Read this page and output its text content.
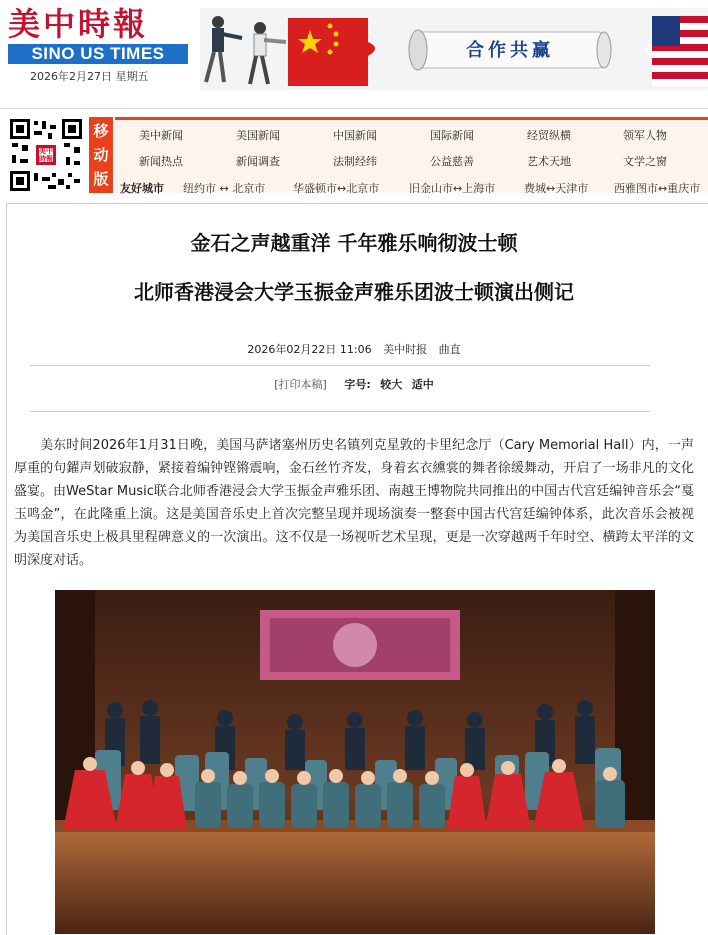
美中時報
SINO US TIMES
2026年2月27日 星期五
合作共赢
美中時報
移
动
版
美中新闻	美国新闻	中国新闻	国际新闻	经贸纵横	领军人物
新闻热点	新闻调查	法制经纬	公益慈善	艺术天地	文学之窗
友好城市 纽约市 ↔ 北京市	华盛顿市↔北京市	旧金山市↔上海市	费城↔天津市 西雅图市↔重庆市
金石之声越重洋 千年雅乐响彻波士顿
北师香港浸会大学玉振金声雅乐团波士顿演出侧记
2026年02月22日 11:06 美中时报 曲直
[打印本稿] 字号: 较大 适中
美东时间2026年1月31日晚，美国马萨诸塞州历史名镇列克星敦的卡里纪念厅（Cary Memorial Hall）内，一声厚重的句鑃声划破寂静，紧接着编钟铿锵震响，金石丝竹齐发，身着玄衣纁裳的舞者徐缓舞动，开启了一场非凡的文化盛宴。由WeStar Music联合北师香港浸会大学玉振金声雅乐团、南越王博物院共同推出的中国古代宫廷编钟音乐会“戛玉鸣金”，在此隆重上演。这是美国音乐史上首次完整呈现并现场演奏一整套中国古代宫廷编钟体系，此次音乐会被视为美国音乐史上极具里程碑意义的一次演出。这不仅是一场视听艺术呈现，更是一次穿越两千年时空、横跨太平洋的文明深度对话。
